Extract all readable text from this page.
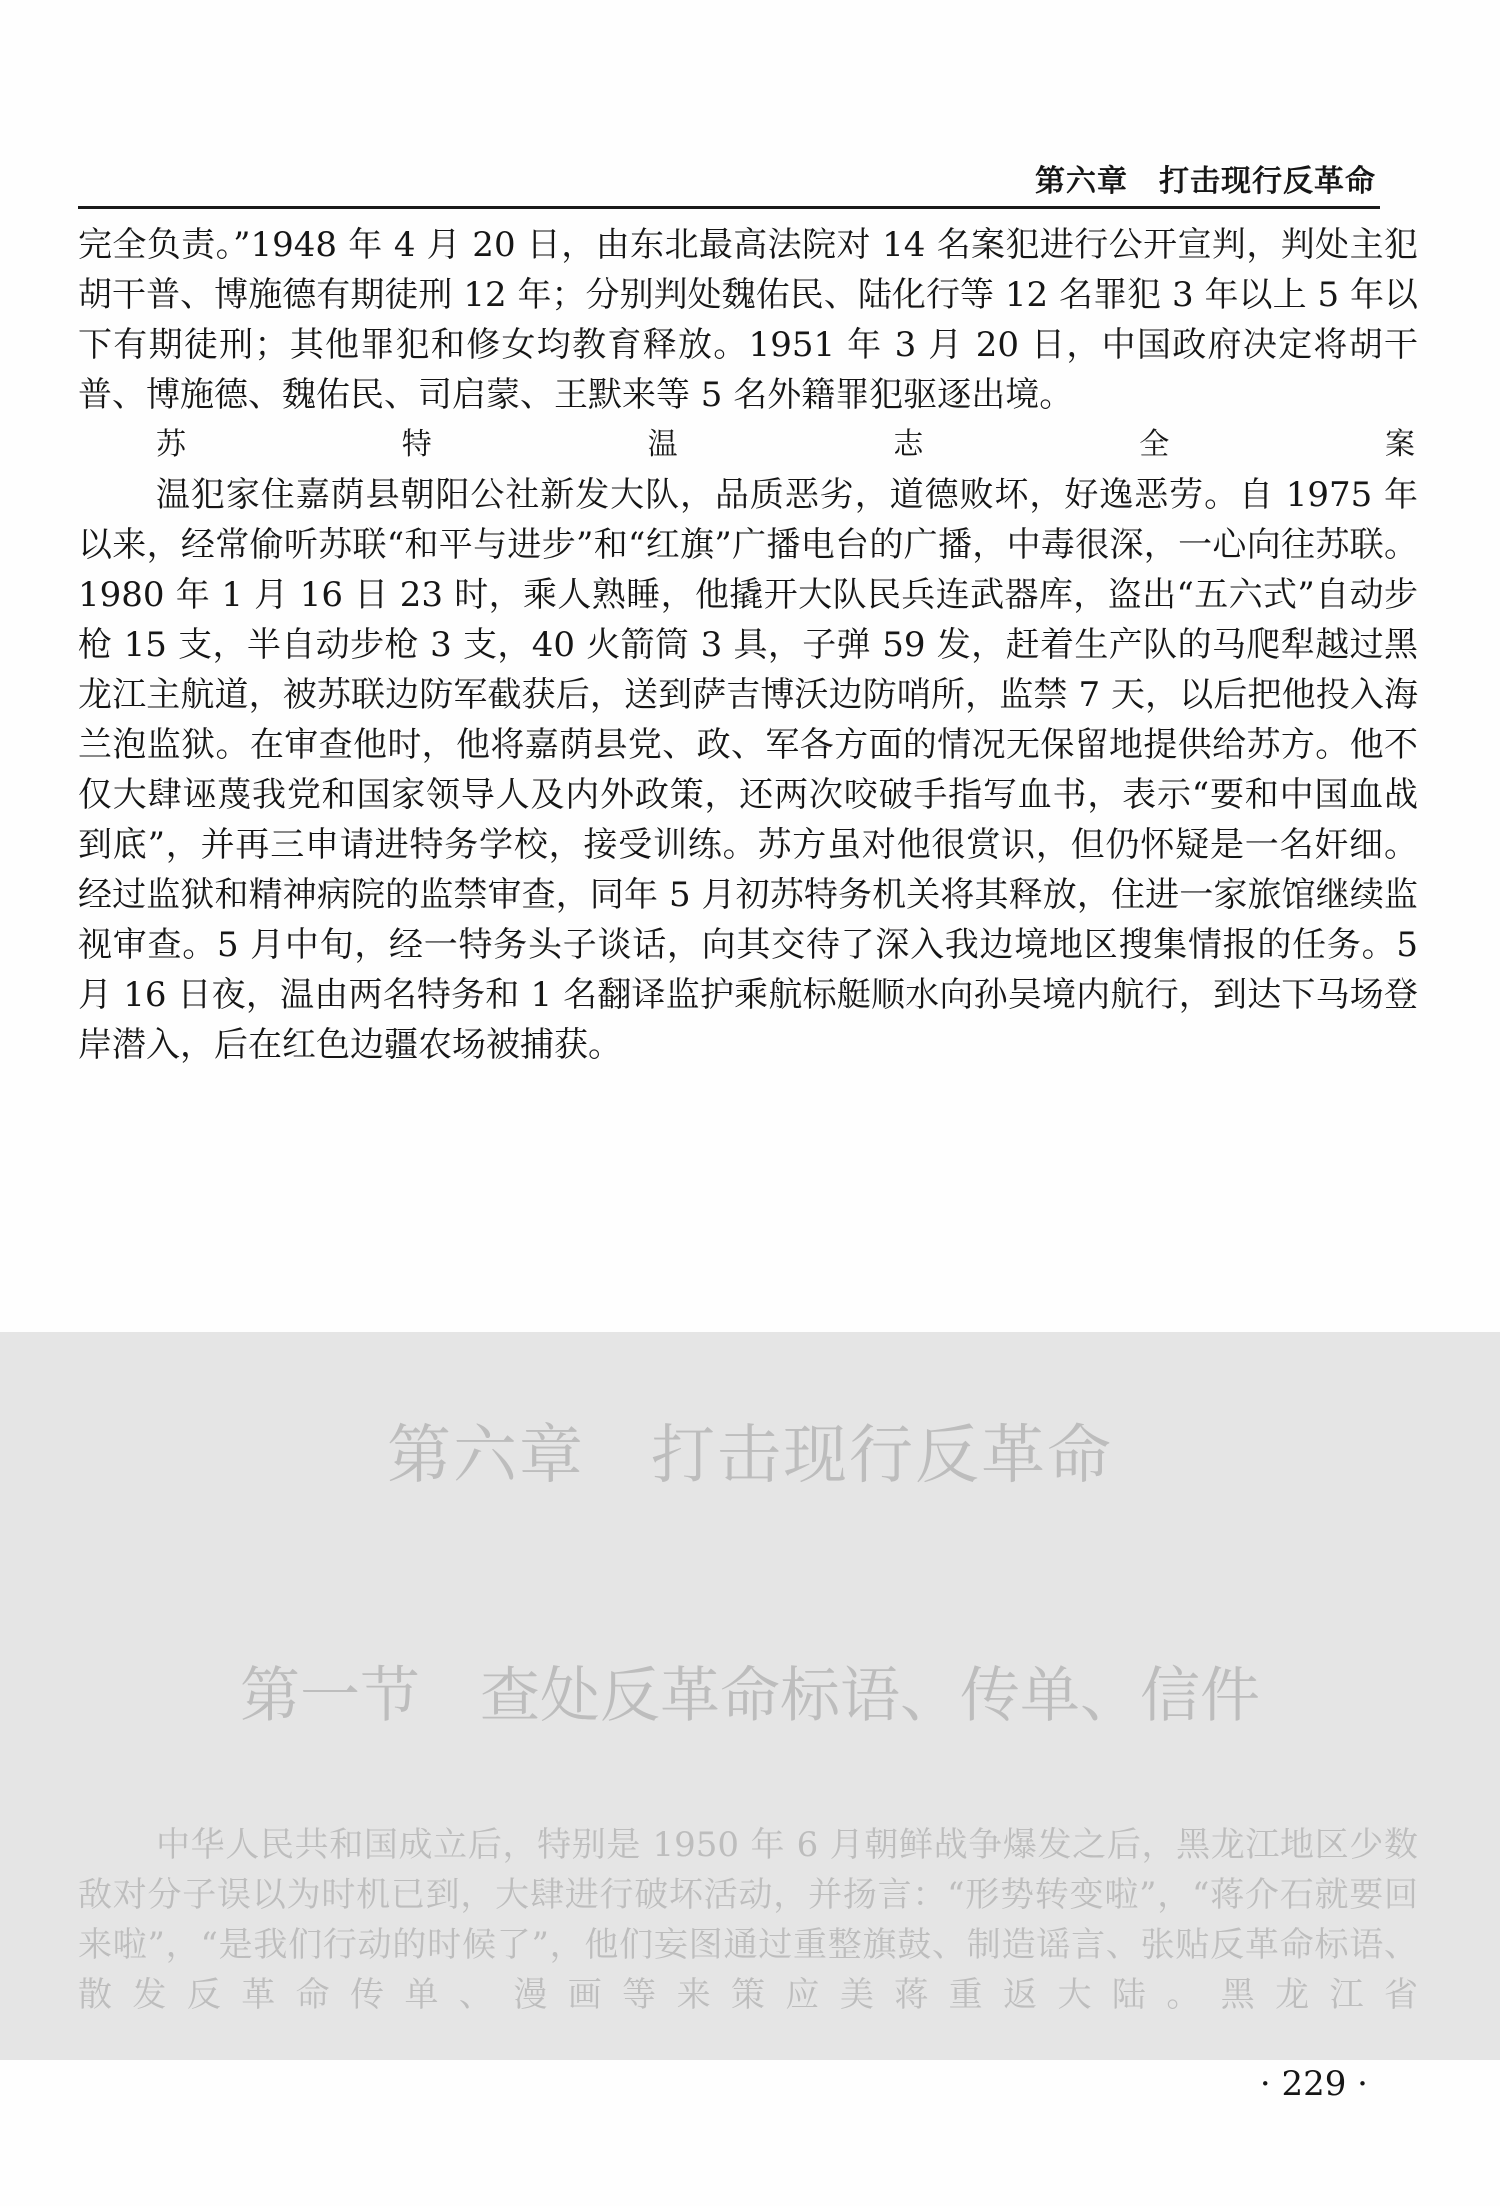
第六章　打击现行反革命

完全负责。”1948 年 4 月 20 日，由东北最高法院对 14 名案犯进行公开宣判，判处主犯胡干普、博施德有期徒刑 12 年；分别判处魏佑民、陆化行等 12 名罪犯 3 年以上 5 年以下有期徒刑；其他罪犯和修女均教育释放。1951 年 3 月 20 日，中国政府决定将胡干普、博施德、魏佑民、司启蒙、王默来等 5 名外籍罪犯驱逐出境。

苏特温志全案

温犯家住嘉荫县朝阳公社新发大队，品质恶劣，道德败坏，好逸恶劳。自 1975 年以来，经常偷听苏联“和平与进步”和“红旗”广播电台的广播，中毒很深，一心向往苏联。1980 年 1 月 16 日 23 时，乘人熟睡，他撬开大队民兵连武器库，盗出“五六式”自动步枪 15 支，半自动步枪 3 支，40 火箭筒 3 具，子弹 59 发，赶着生产队的马爬犁越过黑龙江主航道，被苏联边防军截获后，送到萨吉博沃边防哨所，监禁 7 天，以后把他投入海兰泡监狱。在审查他时，他将嘉荫县党、政、军各方面的情况无保留地提供给苏方。他不仅大肆诬蔑我党和国家领导人及内外政策，还两次咬破手指写血书，表示“要和中国血战到底”，并再三申请进特务学校，接受训练。苏方虽对他很赏识，但仍怀疑是一名奸细。经过监狱和精神病院的监禁审查，同年 5 月初苏特务机关将其释放，住进一家旅馆继续监视审查。5 月中旬，经一特务头子谈话，向其交待了深入我边境地区搜集情报的任务。5 月 16 日夜，温由两名特务和 1 名翻译监护乘航标艇顺水向孙吴境内航行，到达下马场登岸潜入，后在红色边疆农场被捕获。

第六章　打击现行反革命
第一节　查处反革命标语、传单、信件

中华人民共和国成立后，特别是 1950 年 6 月朝鲜战争爆发之后，黑龙江地区少数敌对分子误以为时机已到，大肆进行破坏活动，并扬言：“形势转变啦”，“蒋介石就要回来啦”，“是我们行动的时候了”，他们妄图通过重整旗鼓、制造谣言、张贴反革命标语、散发反革命传单、漫画等来策应美蒋重返大陆。黑龙江省

· 229 ·
